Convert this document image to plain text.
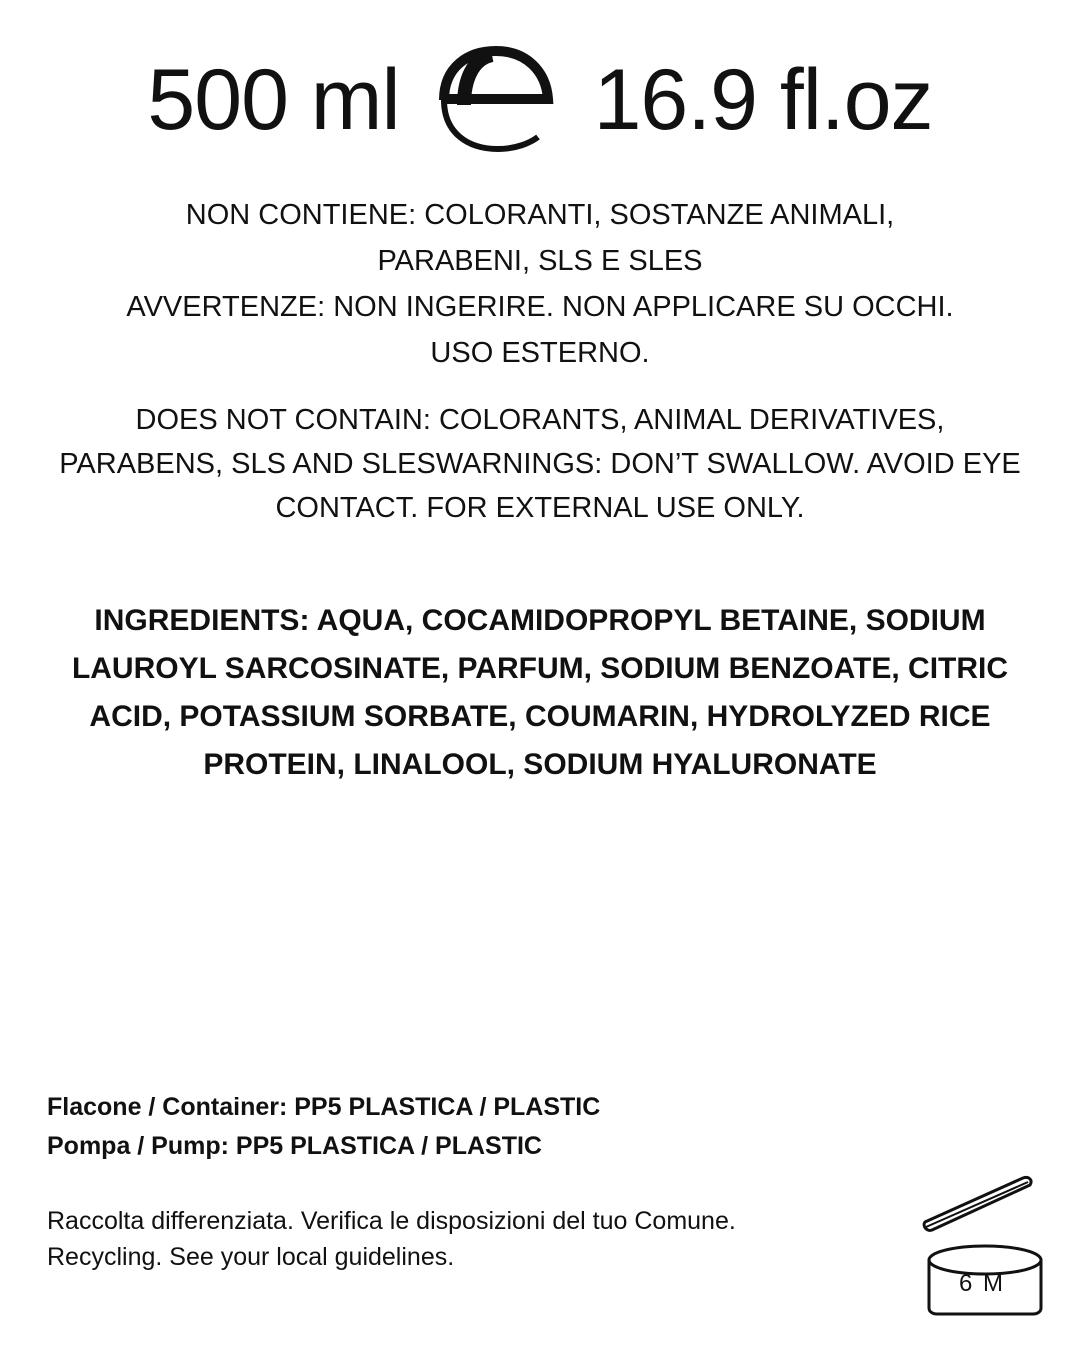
500 ml 16.9 fl.oz

NON CONTIENE: COLORANTI, SOSTANZE ANIMALI,

PARABENI, SLS E SLES

AVVERTENZE: NON INGERIRE. NON APPLICARE SU OCCHI.

USO ESTERNO.

DOES NOT CONTAIN: COLORANTS, ANIMAL DERIVATIVES,

PARABENS, SLS AND SLESWARNINGS: DON’T SWALLOW. AVOID EYE

CONTACT. FOR EXTERNAL USE ONLY.

INGREDIENTS: AQUA, COCAMIDOPROPYL BETAINE, SODIUM

LAUROYL SARCOSINATE, PARFUM, SODIUM BENZOATE, CITRIC

ACID, POTASSIUM SORBATE, COUMARIN, HYDROLYZED RICE

PROTEIN, LINALOOL, SODIUM HYALURONATE

Flacone / Container: PP5 PLASTICA / PLASTIC

Pompa / Pump: PP5 PLASTICA / PLASTIC

Raccolta differenziata. Verifica le disposizioni del tuo Comune.

Recycling. See your local guidelines.

6 M
